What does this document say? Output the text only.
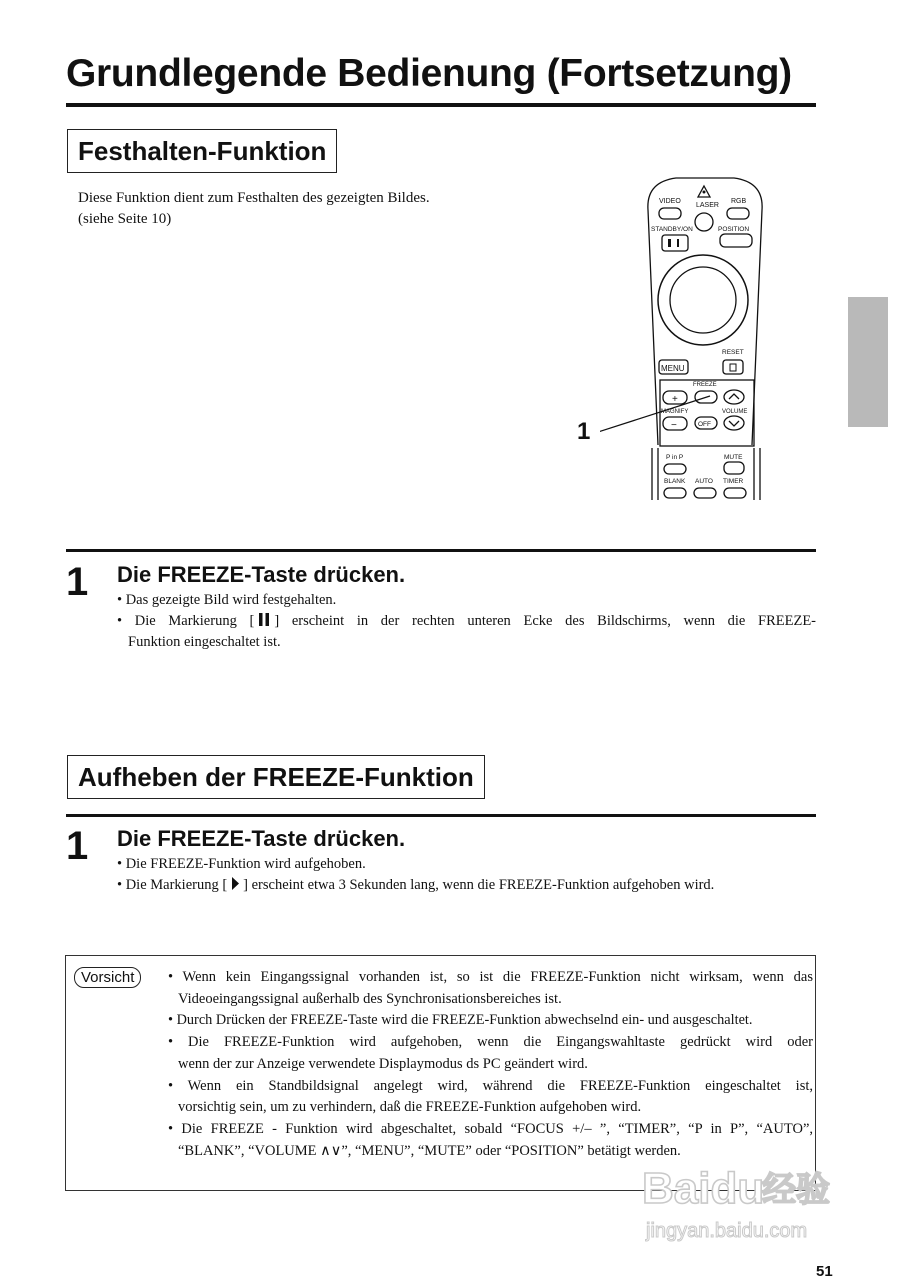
Grundlegende Bedienung (Fortsetzung)
Festhalten-Funktion
Diese Funktion dient zum Festhalten des gezeigten Bildes.
(siehe Seite 10)
VIDEO
LASER
RGB
STANDBY/ON	POSITION
MENU
RESET
FREEZE
MAGNIFY	VOLUME
OFF
+
−
P in P	MUTE
BLANK AUTO TIMER
1
1 Die FREEZE-Taste drücken.

• Das gezeigte Bild wird festgehalten.

• Die Markierung [ ] erscheint in der rechten unteren Ecke des Bildschirms, wenn die FREEZE-

Funktion eingeschaltet ist.

Aufheben der FREEZE-Funktion
1 Die FREEZE-Taste drücken.

• Die FREEZE-Funktion wird aufgehoben.

• Die Markierung [ ] erscheint etwa 3 Sekunden lang, wenn die FREEZE-Funktion aufgehoben wird.

Vorsicht	• Wenn kein Eingangssignal vorhanden ist, so ist die FREEZE-Funktion nicht wirksam, wenn das

Videoeingangssignal außerhalb des Synchronisationsbereiches ist.

• Durch Drücken der FREEZE-Taste wird die FREEZE-Funktion abwechselnd ein- und ausgeschaltet.

• Die FREEZE-Funktion wird aufgehoben, wenn die Eingangswahltaste gedrückt wird oder

wenn der zur Anzeige verwendete Displaymodus ds PC geändert wird.

• Wenn ein Standbildsignal angelegt wird, während die FREEZE-Funktion eingeschaltet ist,

vorsichtig sein, um zu verhindern, daß die FREEZE-Funktion aufgehoben wird.

• Die FREEZE - Funktion wird abgeschaltet, sobald “FOCUS +/– ”, “TIMER”, “P in P”, “AUTO”,

“BLANK”, “VOLUME ∧∨”, “MENU”, “MUTE” oder “POSITION” betätigt werden.

Baidu
经验
jingyan.baidu.com
51
